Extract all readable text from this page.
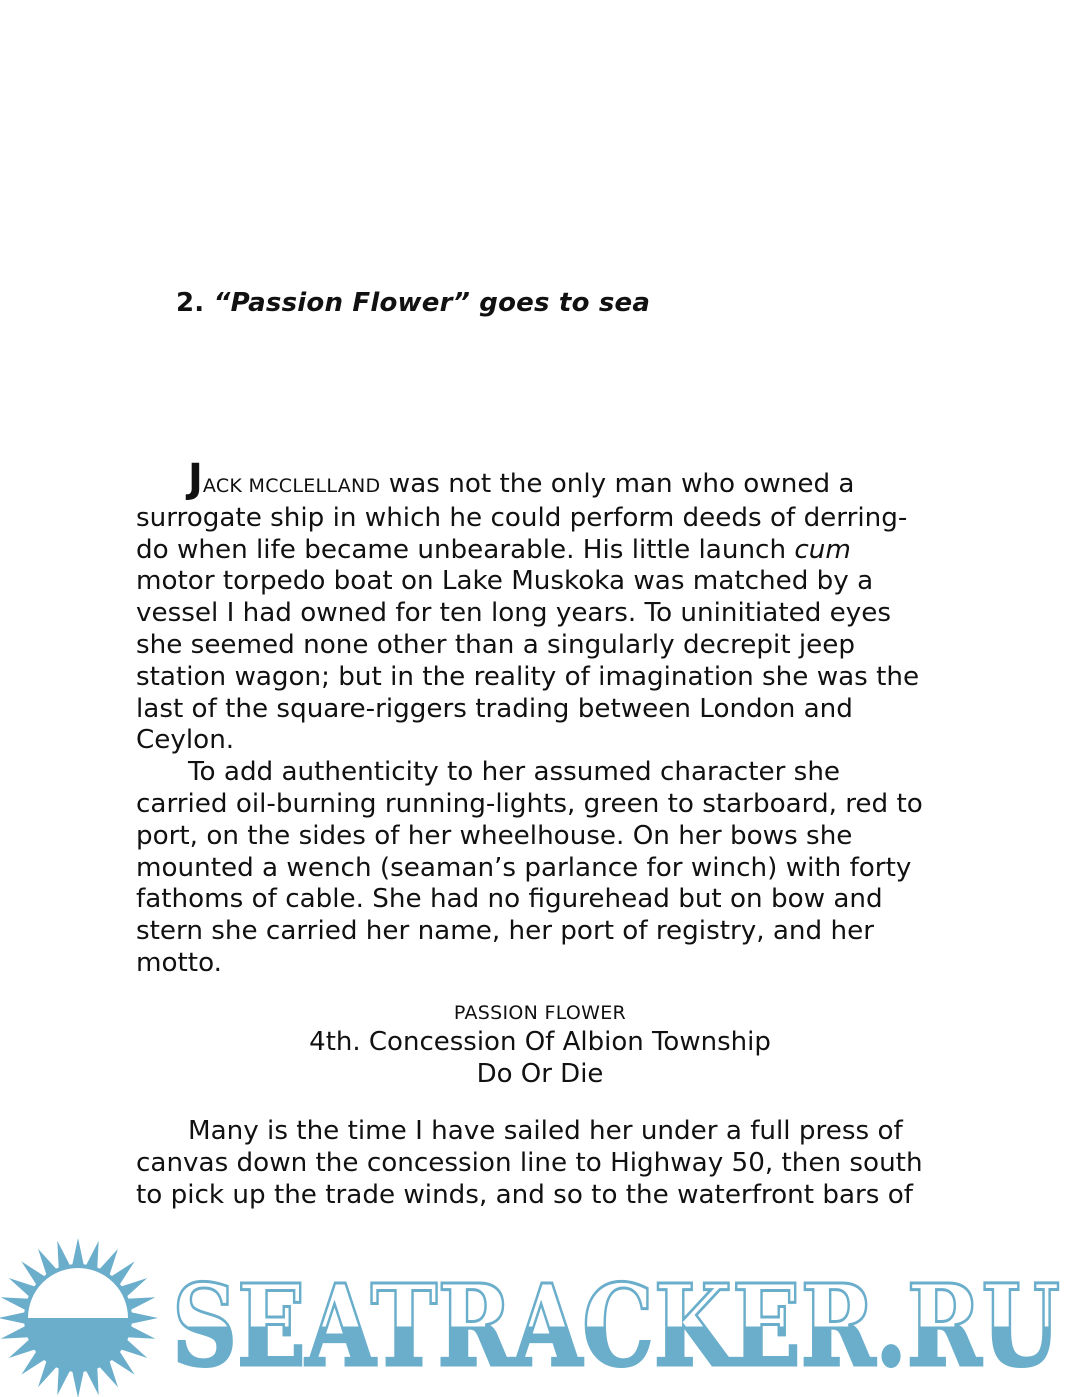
2. “Passion Flower” goes to sea

JACK MCCLELLAND was not the only man who owned a surrogate ship in which he could perform deeds of derring-do when life became unbearable. His little launch cum motor torpedo boat on Lake Muskoka was matched by a vessel I had owned for ten long years. To uninitiated eyes she seemed none other than a singularly decrepit jeep station wagon; but in the reality of imagination she was the last of the square-riggers trading between London and Ceylon.

To add authenticity to her assumed character she carried oil-burning running-lights, green to starboard, red to port, on the sides of her wheelhouse. On her bows she mounted a wench (seaman’s parlance for winch) with forty fathoms of cable. She had no figurehead but on bow and stern she carried her name, her port of registry, and her motto.

PASSION FLOWER
4th. Concession Of Albion Township
Do Or Die

Many is the time I have sailed her under a full press of canvas down the concession line to Highway 50, then south to pick up the trade winds, and so to the waterfront bars of

SEATRACKER.RU
